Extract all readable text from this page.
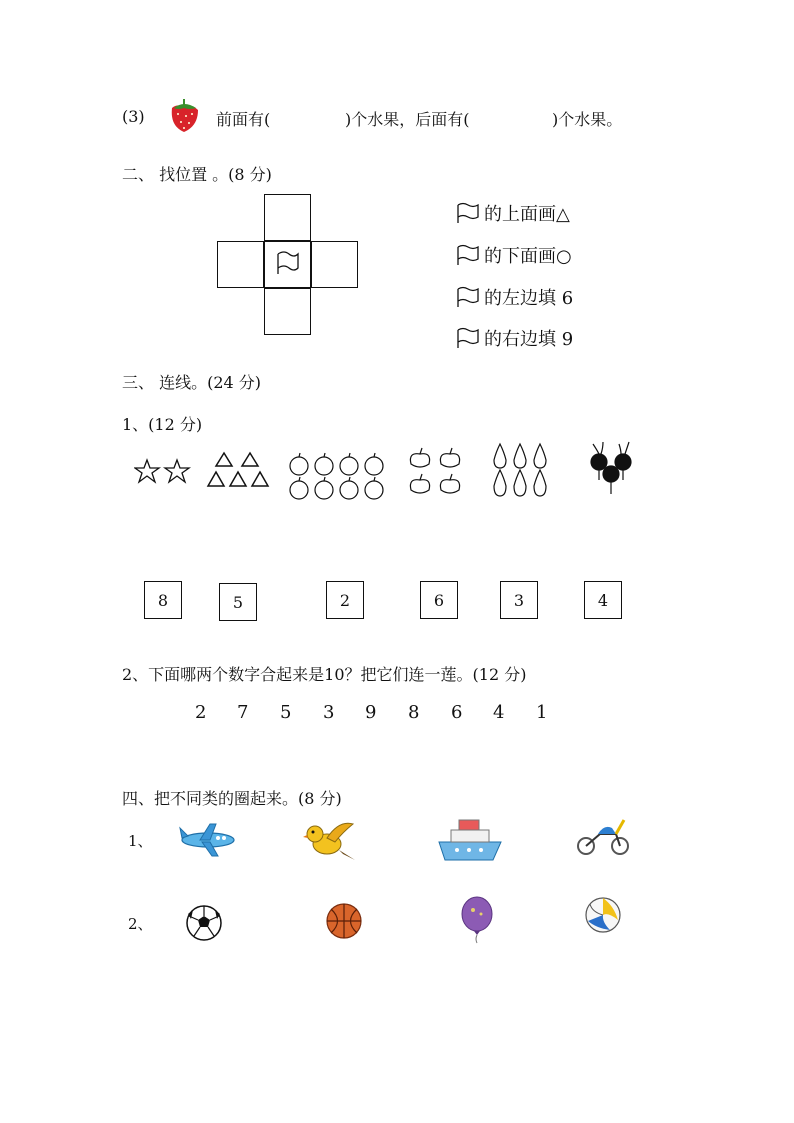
(3)	前面有(	)个水果，后面有(	)个水果。
二、 找位置 。(8 分)
的上面画△
的下面画○
的左边填 6
的右边填 9
三、 连线。(24 分)
1、(12 分)
8	5	2	6	3	4
2、下面哪两个数字合起来是10？把它们连一莲。(12 分)
2 7 5 3 9 8 6 4 1
四、把不同类的圈起来。(8 分)
1、
2、
